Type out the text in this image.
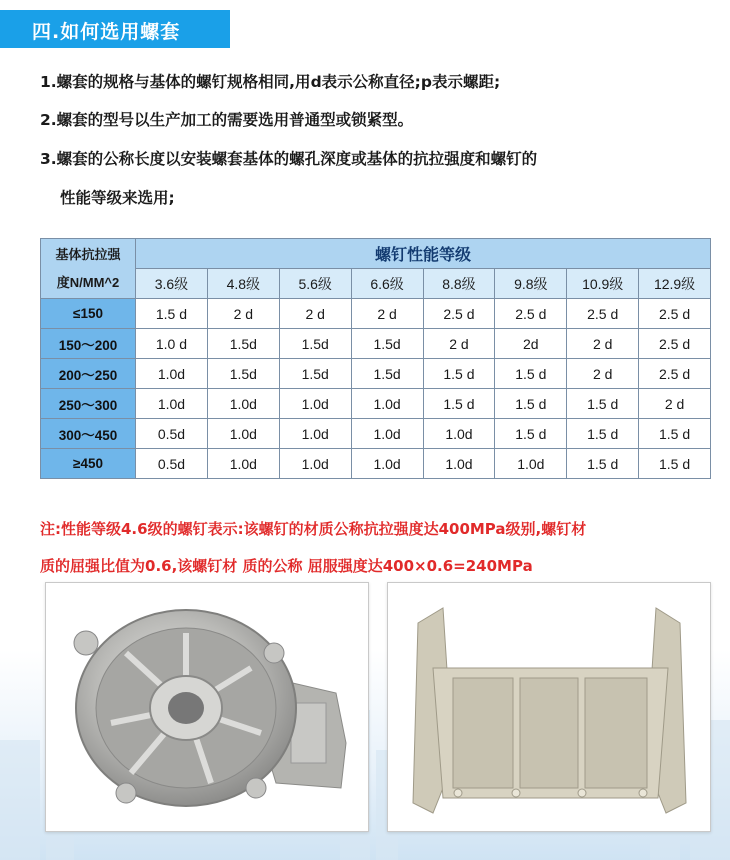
四.如何选用螺套
1.螺套的规格与基体的螺钉规格相同,用d表示公称直径;p表示螺距;
2.螺套的型号以生产加工的需要选用普通型或锁紧型。
3.螺套的公称长度以安装螺套基体的螺孔深度或基体的抗拉强度和螺钉的
性能等级来选用;
基体抗拉强
度N/MM^2	螺钉性能等级							
	3.6级	4.8级	5.6级	6.6级	8.8级	9.8级	10.9级	12.9级
≤150	1.5 d	2 d	2 d	2 d	2.5 d	2.5 d	2.5 d	2.5 d
150～200	1.0 d	1.5d	1.5d	1.5d	2 d	2d	2 d	2.5 d
200～250	1.0d	1.5d	1.5d	1.5d	1.5 d	1.5 d	2 d	2.5 d
250～300	1.0d	1.0d	1.0d	1.0d	1.5 d	1.5 d	1.5 d	2 d
300～450	0.5d	1.0d	1.0d	1.0d	1.0d	1.5 d	1.5 d	1.5 d
≥450	0.5d	1.0d	1.0d	1.0d	1.0d	1.0d	1.5 d	1.5 d
注:性能等级4.6级的螺钉表示:该螺钉的材质公称抗拉强度达400MPa级别,螺钉材
质的屈强比值为0.6,该螺钉材 质的公称 屈服强度达400×0.6=240MPa
